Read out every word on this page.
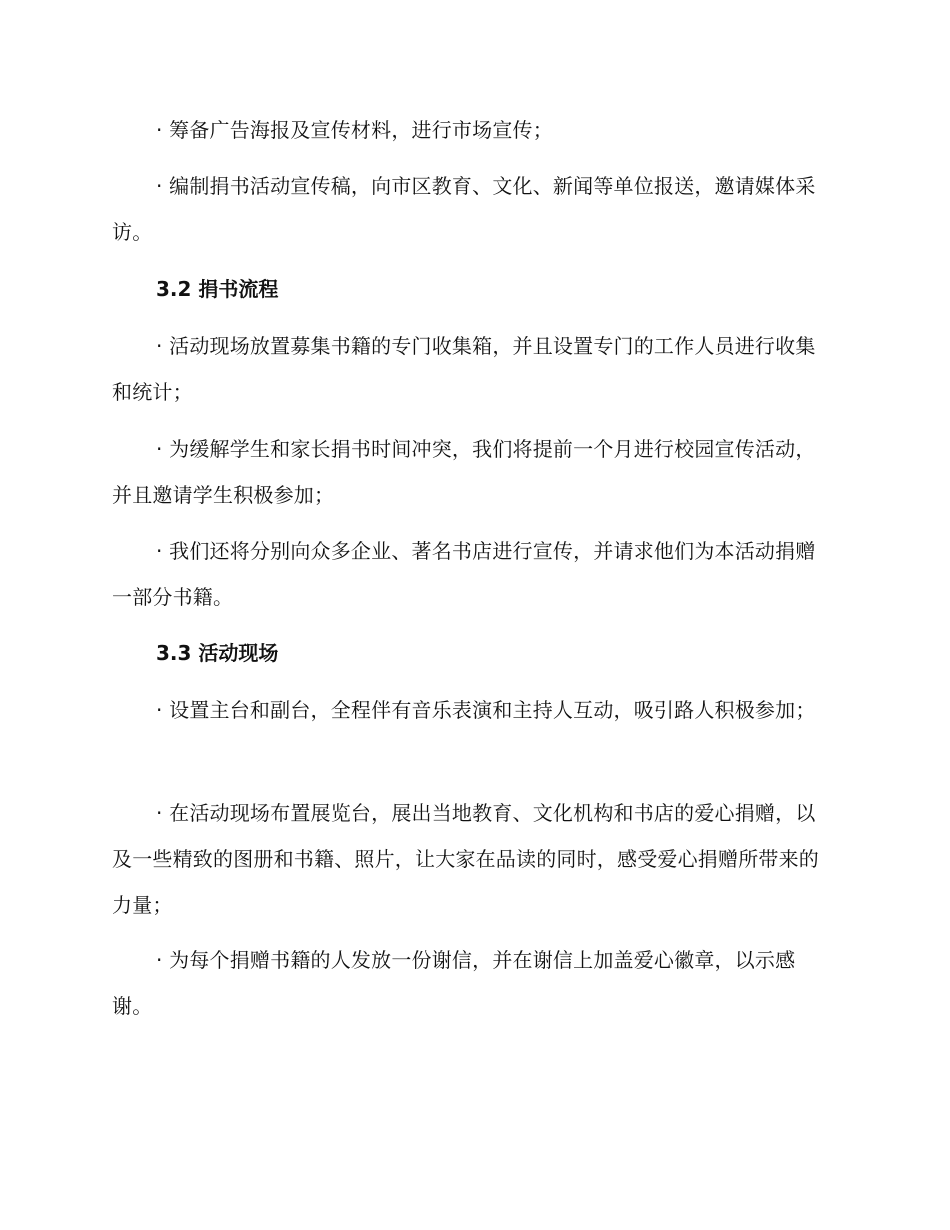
· 筹备广告海报及宣传材料，进行市场宣传；

· 编制捐书活动宣传稿，向市区教育、文化、新闻等单位报送，邀请媒体采访。

3.2 捐书流程

· 活动现场放置募集书籍的专门收集箱，并且设置专门的工作人员进行收集和统计；

· 为缓解学生和家长捐书时间冲突，我们将提前一个月进行校园宣传活动，并且邀请学生积极参加；

· 我们还将分别向众多企业、著名书店进行宣传，并请求他们为本活动捐赠一部分书籍。

3.3 活动现场

· 设置主台和副台，全程伴有音乐表演和主持人互动，吸引路人积极参加；

· 在活动现场布置展览台，展出当地教育、文化机构和书店的爱心捐赠，以及一些精致的图册和书籍、照片，让大家在品读的同时，感受爱心捐赠所带来的力量；

· 为每个捐赠书籍的人发放一份谢信，并在谢信上加盖爱心徽章，以示感谢。
